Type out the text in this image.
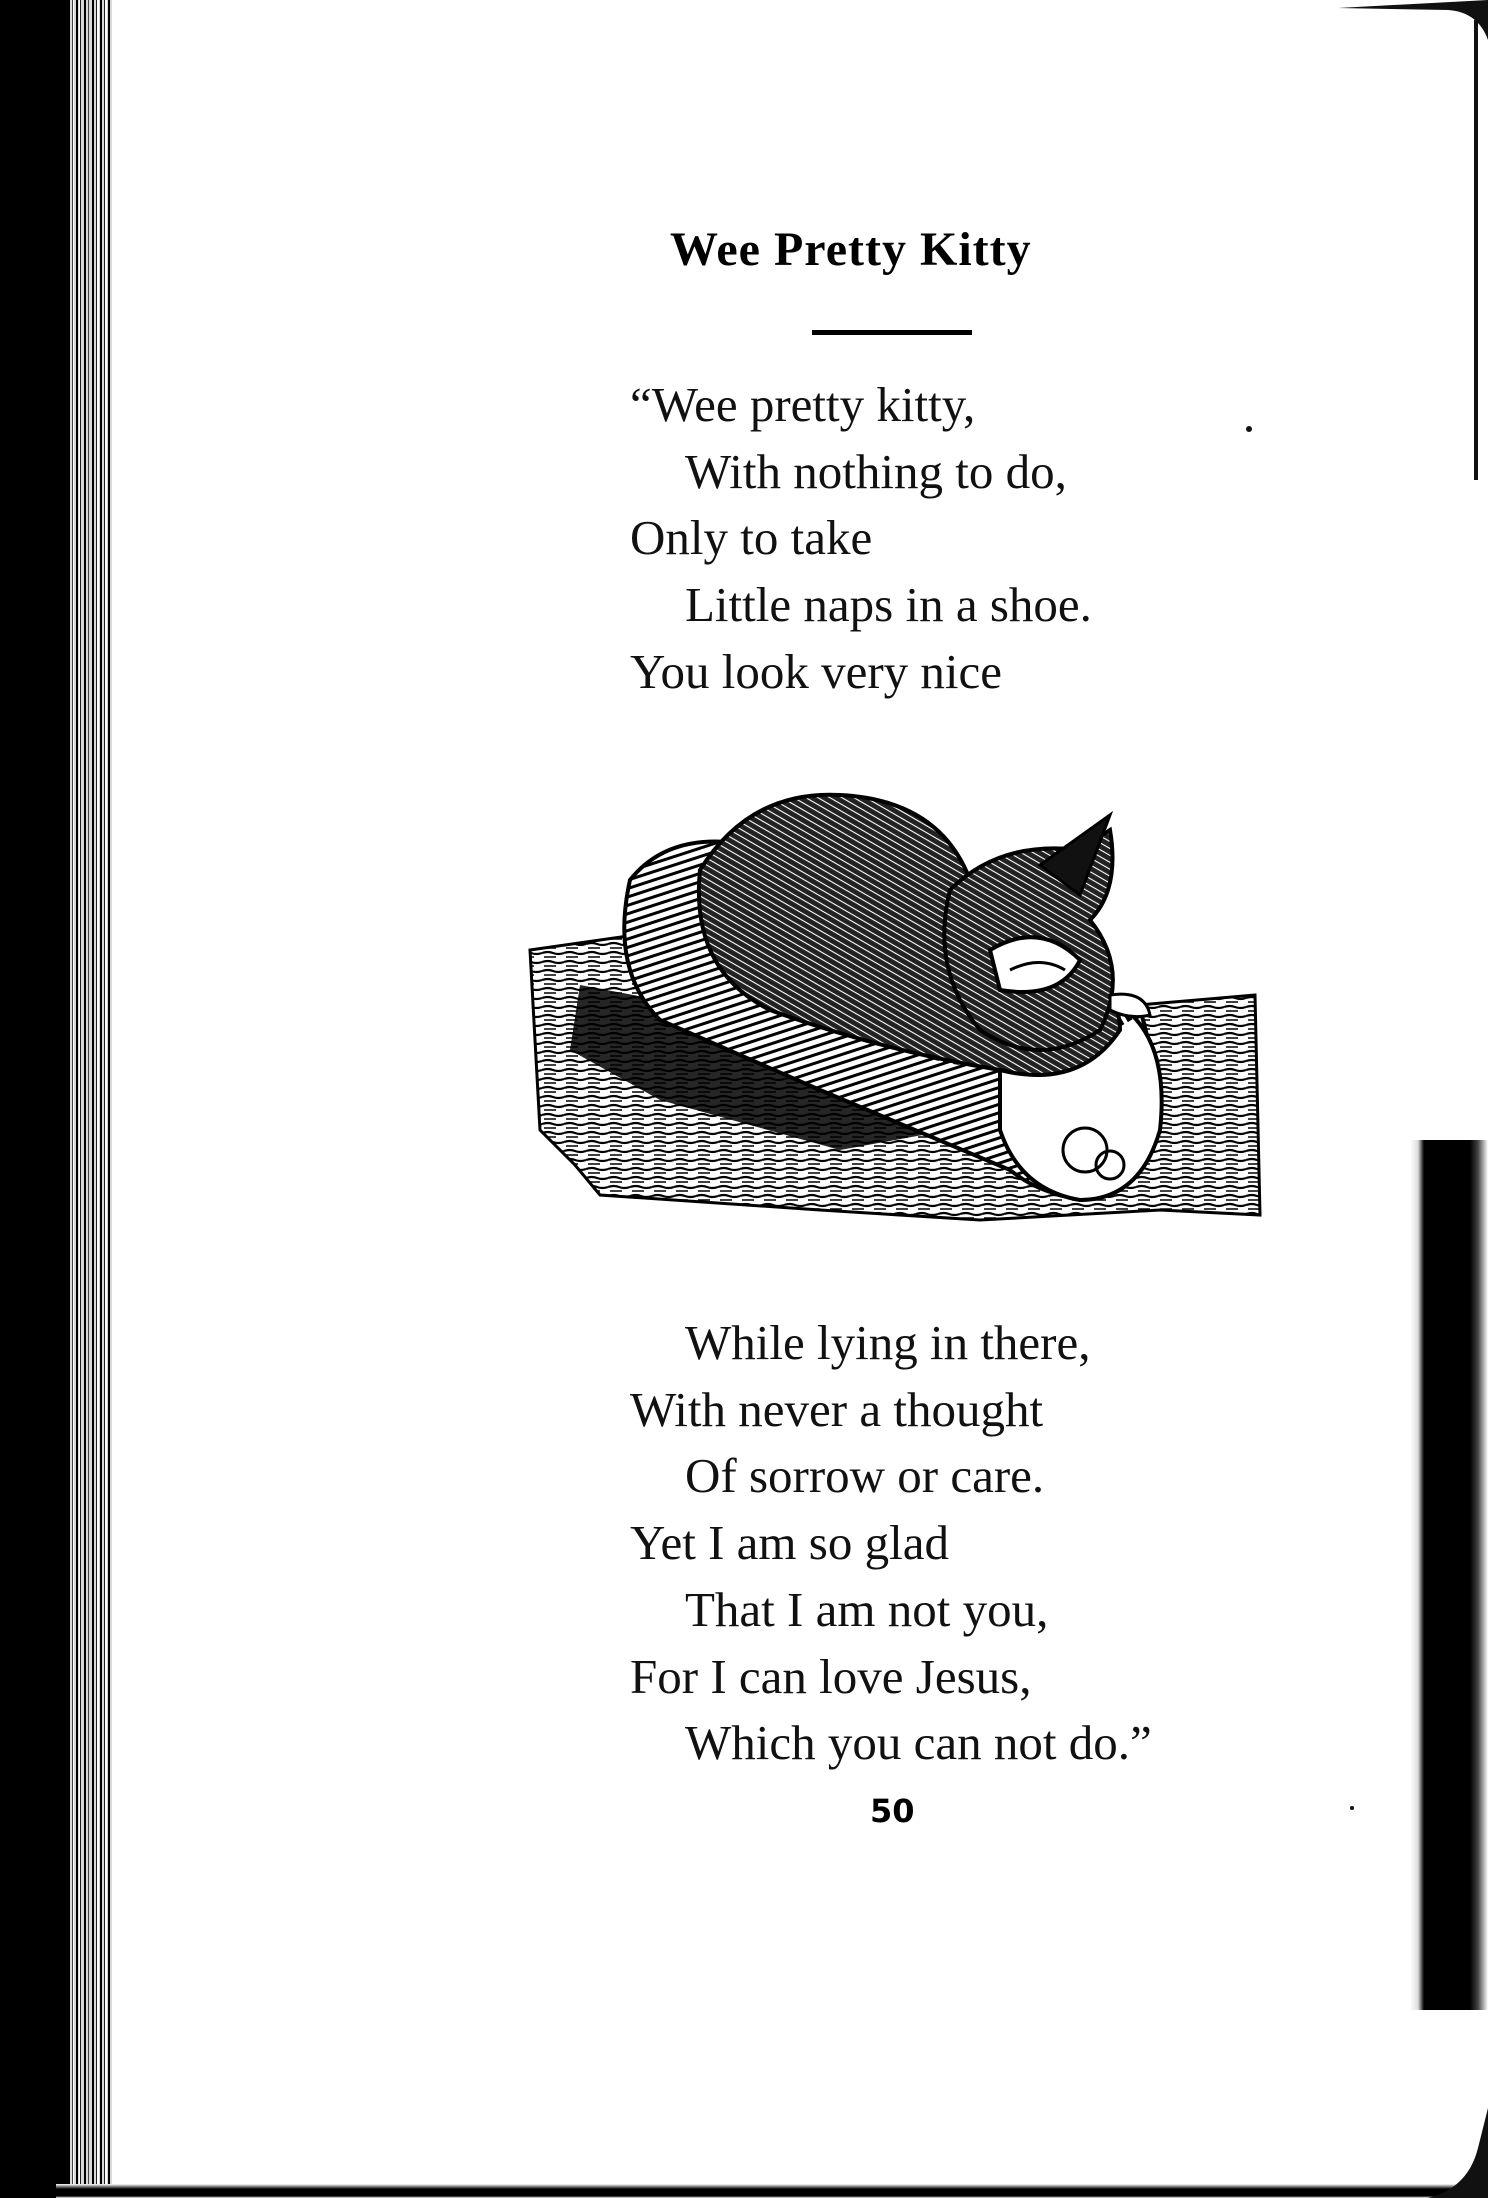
Wee Pretty Kitty
“Wee pretty kitty,
With nothing to do,
Only to take
Little naps in a shoe.
You look very nice
While lying in there,
With never a thought
Of sorrow or care.
Yet I am so glad
That I am not you,
For I can love Jesus,
Which you can not do.”
50
